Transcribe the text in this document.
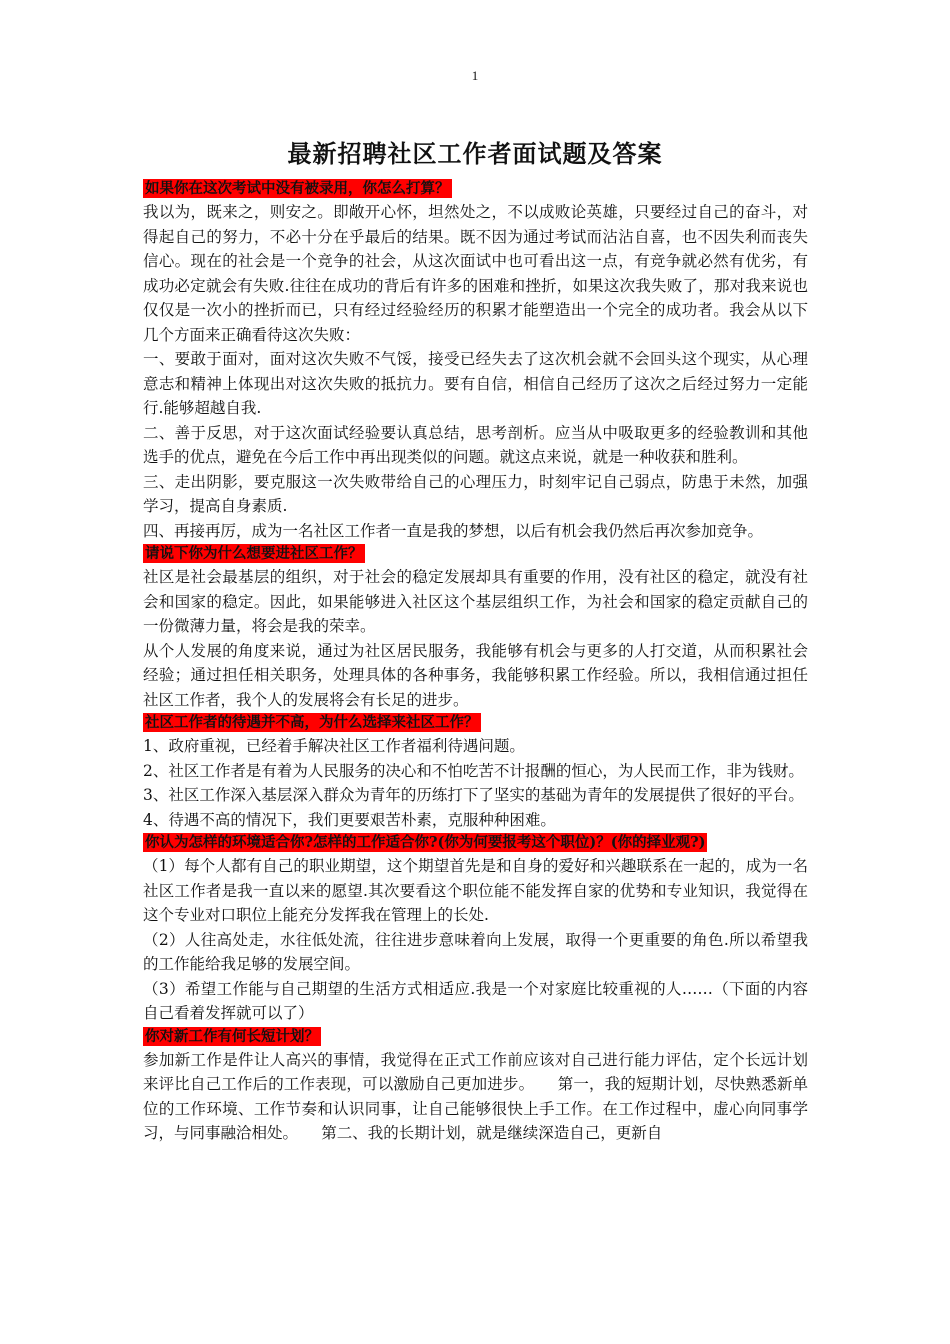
1
最新招聘社区工作者面试题及答案
如果你在这次考试中没有被录用，你怎么打算？

我以为，既来之，则安之。即敞开心怀，坦然处之，不以成败论英雄，只要经过自己的奋斗，对得起自己的努力，不必十分在乎最后的结果。既不因为通过考试而沾沾自喜，也不因失利而丧失信心。现在的社会是一个竞争的社会，从这次面试中也可看出这一点，有竞争就必然有优劣，有成功必定就会有失败.往往在成功的背后有许多的困难和挫折，如果这次我失败了，那对我来说也仅仅是一次小的挫折而已，只有经过经验经历的积累才能塑造出一个完全的成功者。我会从以下几个方面来正确看待这次失败：

一、要敢于面对，面对这次失败不气馁，接受已经失去了这次机会就不会回头这个现实，从心理意志和精神上体现出对这次失败的抵抗力。要有自信，相信自己经历了这次之后经过努力一定能行.能够超越自我.

二、善于反思，对于这次面试经验要认真总结，思考剖析。应当从中吸取更多的经验教训和其他选手的优点，避免在今后工作中再出现类似的问题。就这点来说，就是一种收获和胜利。

三、走出阴影，要克服这一次失败带给自己的心理压力，时刻牢记自己弱点，防患于未然，加强学习，提高自身素质.

四、再接再厉，成为一名社区工作者一直是我的梦想，以后有机会我仍然后再次参加竞争。

请说下你为什么想要进社区工作？

社区是社会最基层的组织，对于社会的稳定发展却具有重要的作用，没有社区的稳定，就没有社会和国家的稳定。因此，如果能够进入社区这个基层组织工作，为社会和国家的稳定贡献自己的一份微薄力量，将会是我的荣幸。

从个人发展的角度来说，通过为社区居民服务，我能够有机会与更多的人打交道，从而积累社会经验；通过担任相关职务，处理具体的各种事务，我能够积累工作经验。所以，我相信通过担任社区工作者，我个人的发展将会有长足的进步。

社区工作者的待遇并不高，为什么选择来社区工作？

1、政府重视，已经着手解决社区工作者福利待遇问题。

2、社区工作者是有着为人民服务的决心和不怕吃苦不计报酬的恒心，为人民而工作，非为钱财。

3、社区工作深入基层深入群众为青年的历练打下了坚实的基础为青年的发展提供了很好的平台。

4、待遇不高的情况下，我们更要艰苦朴素，克服种种困难。

你认为怎样的环境适合你?怎样的工作适合你?(你为何要报考这个职位)？(你的择业观?)

（1）每个人都有自己的职业期望，这个期望首先是和自身的爱好和兴趣联系在一起的，成为一名社区工作者是我一直以来的愿望.其次要看这个职位能不能发挥自家的优势和专业知识，我觉得在这个专业对口职位上能充分发挥我在管理上的长处.

（2）人往高处走，水往低处流，往往进步意味着向上发展，取得一个更重要的角色.所以希望我的工作能给我足够的发展空间。

（3）希望工作能与自己期望的生活方式相适应.我是一个对家庭比较重视的人……（下面的内容自己看着发挥就可以了）

你对新工作有何长短计划？

参加新工作是件让人高兴的事情，我觉得在正式工作前应该对自己进行能力评估，定个长远计划来评比自己工作后的工作表现，可以激励自己更加进步。　　第一，我的短期计划，尽快熟悉新单位的工作环境、工作节奏和认识同事，让自己能够很快上手工作。在工作过程中，虚心向同事学习，与同事融洽相处。　　第二、我的长期计划，就是继续深造自己，更新自
